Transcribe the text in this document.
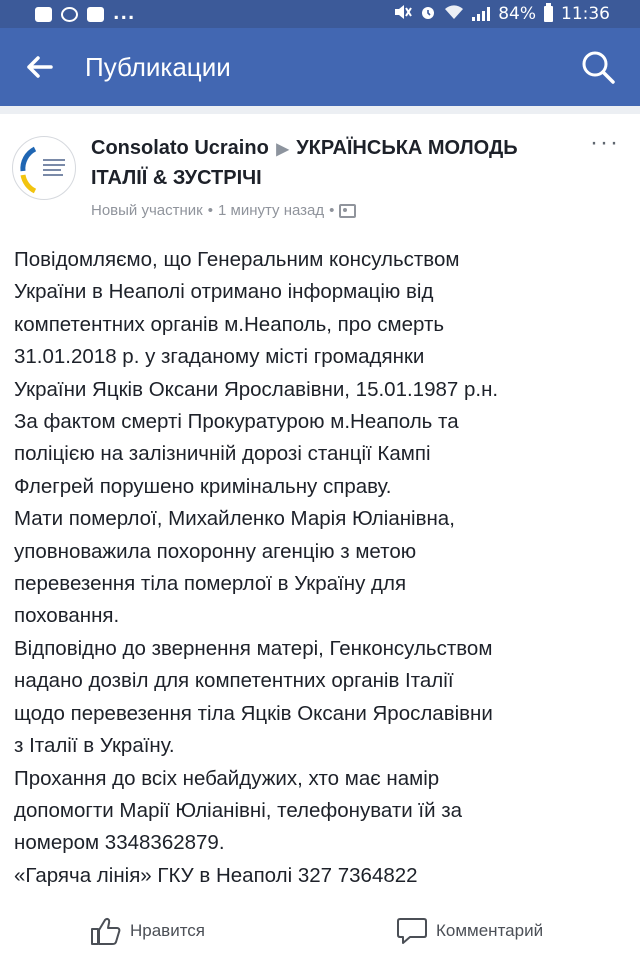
...	84% 11:36
Публикации
Consolato Ucraino ▶ УКРАЇНСЬКА МОЛОДЬ ІТАЛІЇ & ЗУСТРІЧІ
Новый участник • 1 минуту назад •
···

Повідомляємо, що Генеральним консульством

України в Неаполі отримано інформацію від

компетентних органів м.Неаполь, про смерть

31.01.2018 р. у згаданому місті громадянки

України Яцків Оксани Ярославівни, 15.01.1987 р.н.

За фактом смерті Прокуратурою м.Неаполь та

поліцією на залізничній дорозі станції Кампі

Флегрей порушено кримінальну справу.

Мати померлої, Михайленко Марія Юліанівна,

уповноважила похоронну агенцію з метою

перевезення тіла померлої в Україну для

поховання.

Відповідно до звернення матері, Генконсульством

надано дозвіл для компетентних органів Італії

щодо перевезення тіла Яцків Оксани Ярославівни

з Італії в Україну.

Прохання до всіх небайдужих, хто має намір

допомогти Марії Юліанівні, телефонувати їй за

номером 3348362879.

«Гаряча лінія» ГКУ в Неаполі 327 7364822

Нравится	Комментарий
